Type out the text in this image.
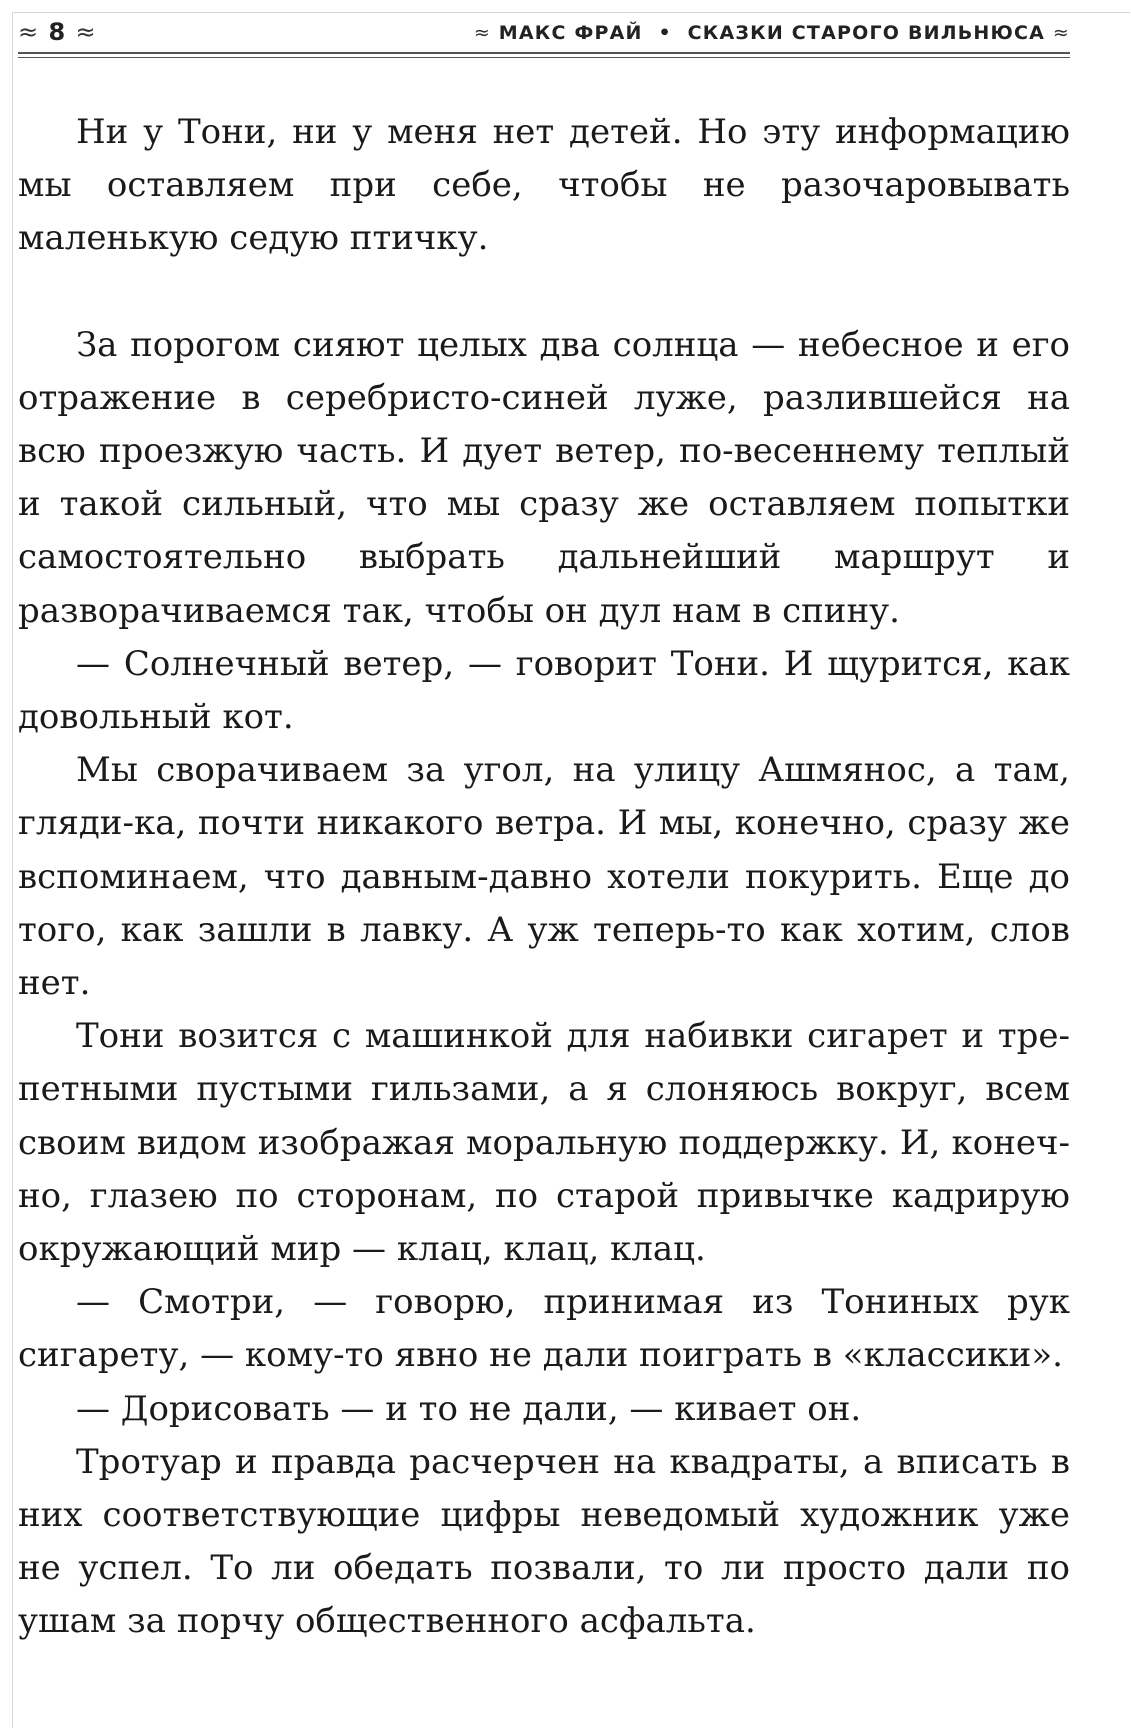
≈ 8 ≈	≈ МАКС ФРАЙ • СКАЗКИ СТАРОГО ВИЛЬНЮСА ≈

Ни у Тони, ни у меня нет детей. Но эту информацию мы оставляем при себе, чтобы не разочаровывать маленькую седую птичку.

За порогом сияют целых два солнца — небесное и его отражение в серебристо-синей луже, разлившейся на всю проезжую часть. И дует ветер, по-весеннему теплый и такой сильный, что мы сразу же оставляем попытки самостоятельно выбрать дальнейший маршрут и разворачиваемся так, чтобы он дул нам в спину.

— Солнечный ветер, — говорит Тони. И щурится, как довольный кот.

Мы сворачиваем за угол, на улицу Ашмянос, а там, гляди-ка, почти никакого ветра. И мы, конечно, сразу же вспоминаем, что давным-давно хотели покурить. Еще до того, как зашли в лавку. А уж теперь-то как хотим, слов нет.

Тони возится с машинкой для набивки сигарет и трепетными пустыми гильзами, а я слоняюсь вокруг, всем своим видом изображая моральную поддержку. И, конечно, глазею по сторонам, по старой привычке кадрирую окружающий мир — клац, клац, клац.

— Смотри, — говорю, принимая из Тониных рук сигарету, — кому-то явно не дали поиграть в «классики».

— Дорисовать — и то не дали, — кивает он.

Тротуар и правда расчерчен на квадраты, а вписать в них соответствующие цифры неведомый художник уже не успел. То ли обедать позвали, то ли просто дали по ушам за порчу общественного асфальта.
